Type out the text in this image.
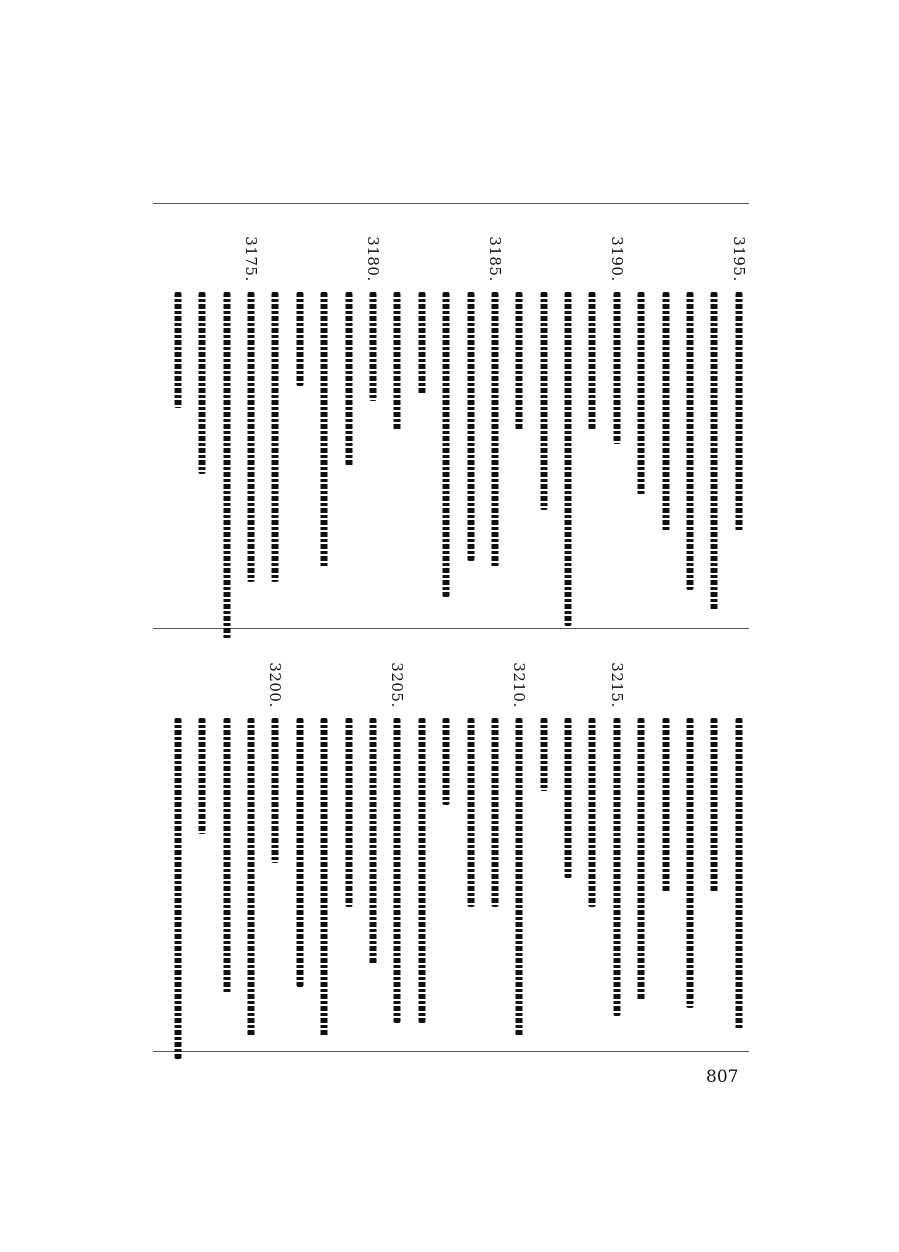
3195.
3190.
3185.
3180.
3175.
3215.
3210.
3205.
3200.
807
